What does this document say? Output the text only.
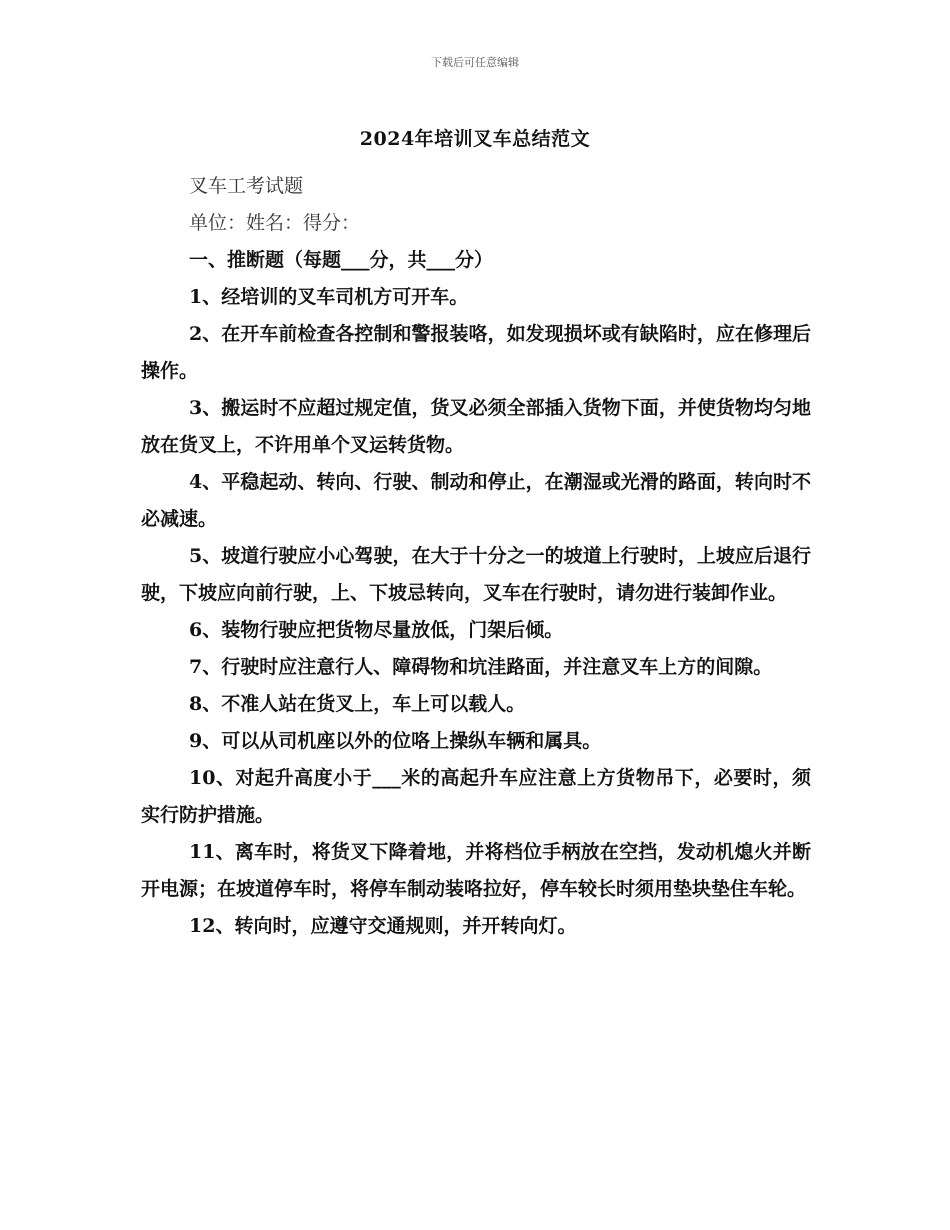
下载后可任意编辑
2024年培训叉车总结范文

叉车工考试题

单位：姓名：得分：

一、推断题（每题___分，共___分）

1、经培训的叉车司机方可开车。

2、在开车前检查各控制和警报装咯，如发现损坏或有缺陷时，应在修理后操作。

3、搬运时不应超过规定值，货叉必须全部插入货物下面，并使货物均匀地放在货叉上，不许用单个叉运转货物。

4、平稳起动、转向、行驶、制动和停止，在潮湿或光滑的路面，转向时不必减速。

5、坡道行驶应小心驾驶，在大于十分之一的坡道上行驶时，上坡应后退行驶，下坡应向前行驶，上、下坡忌转向，叉车在行驶时，请勿进行装卸作业。

6、装物行驶应把货物尽量放低，门架后倾。

7、行驶时应注意行人、障碍物和坑洼路面，并注意叉车上方的间隙。

8、不准人站在货叉上，车上可以载人。

9、可以从司机座以外的位咯上操纵车辆和属具。

10、对起升高度小于___米的高起升车应注意上方货物吊下，必要时，须实行防护措施。

11、离车时，将货叉下降着地，并将档位手柄放在空挡，发动机熄火并断开电源；在坡道停车时，将停车制动装咯拉好，停车较长时须用垫块垫住车轮。

12、转向时，应遵守交通规则，并开转向灯。
